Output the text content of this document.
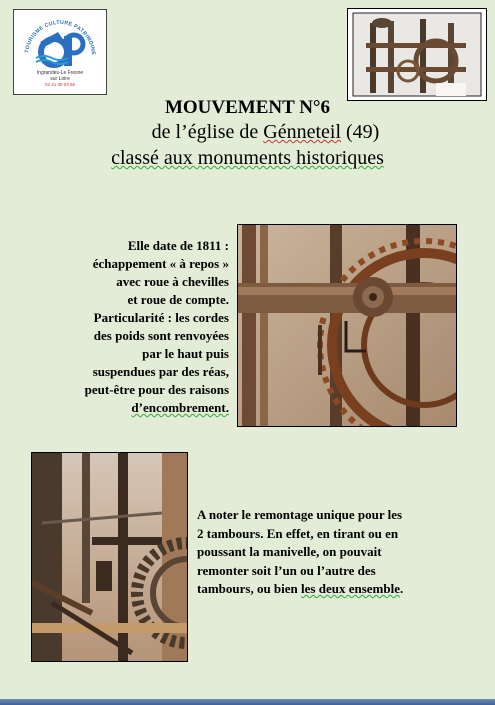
TOURISME CULTURE PATRIMOINE
Ingrandes-Le Fresne
sur Loire
02 41 39 03 66
MOUVEMENT N°6
de l’église de Génneteil (49)
classé aux monuments historiques
Elle date de 1811 :
échappement « à repos »
avec roue à chevilles
et roue de compte.
Particularité : les cordes
des poids sont renvoyées
par le haut puis
suspendues par des réas,
peut-être pour des raisons
d’encombrement.
A noter le remontage unique pour les
2 tambours. En effet, en tirant ou en
poussant la manivelle, on pouvait
remonter soit l’un ou l’autre des
tambours, ou bien les deux ensemble.
